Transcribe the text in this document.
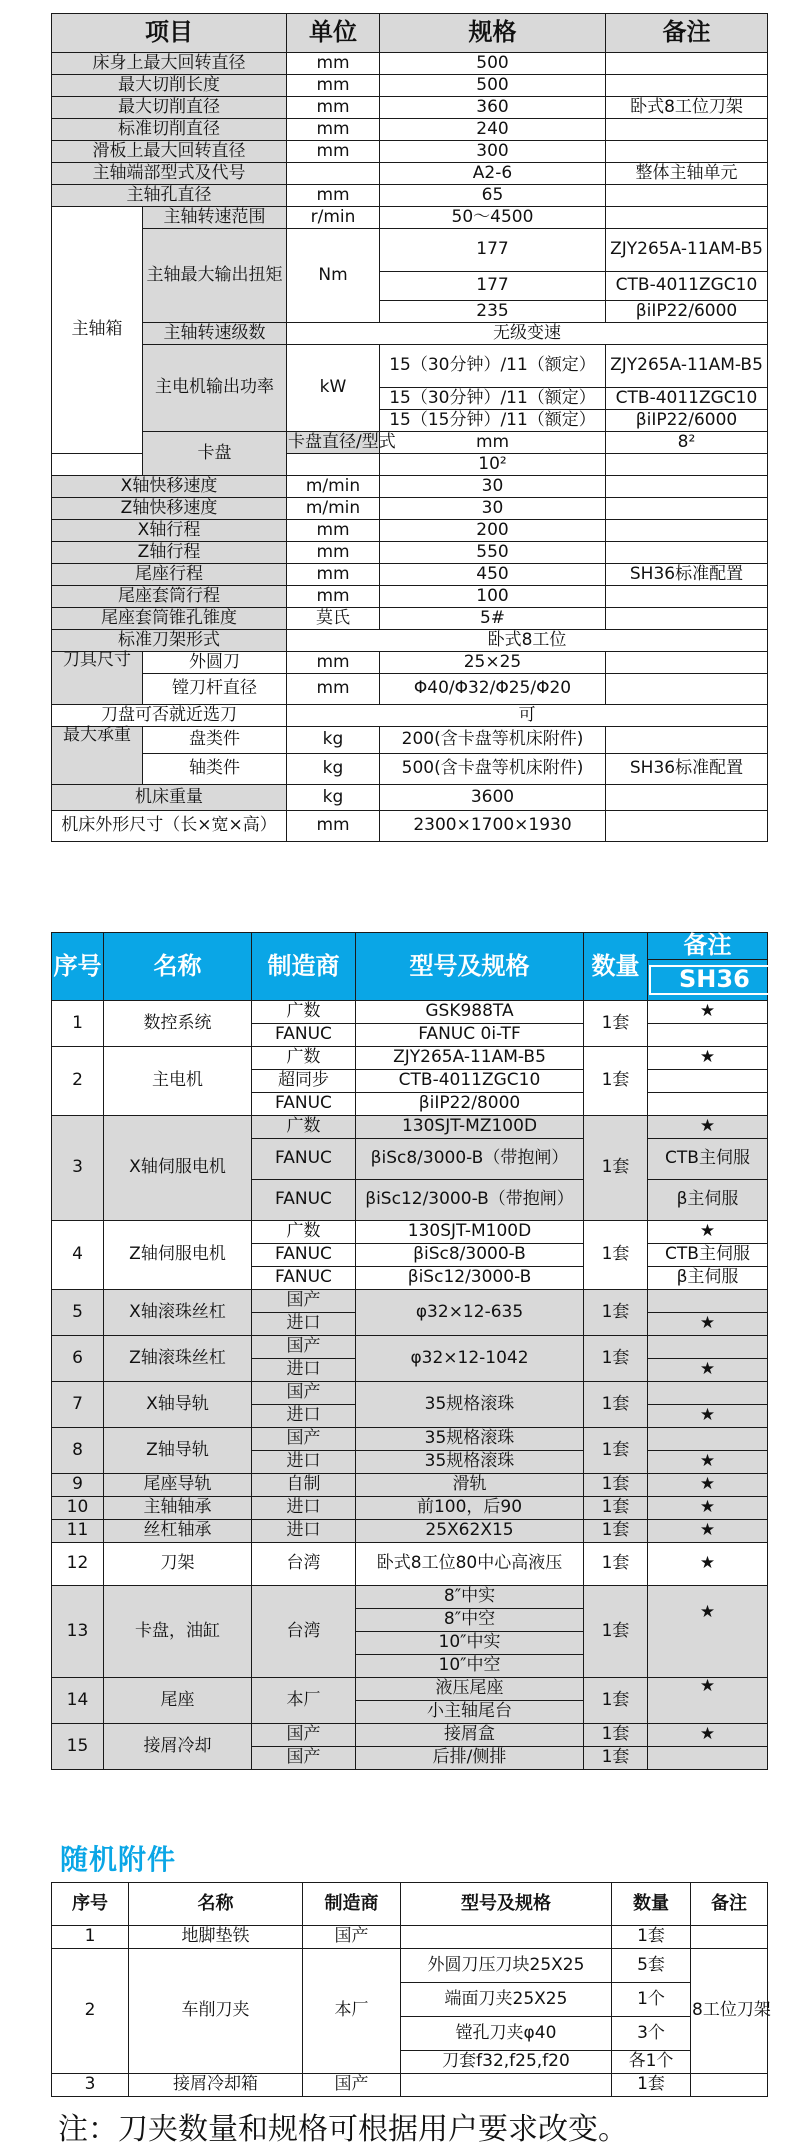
项目		单位	规格	备注	
床身上最大回转直径		mm	500		
最大切削长度		mm	500		
最大切削直径		mm	360	卧式8工位刀架	
标准切削直径		mm	240		
滑板上最大回转直径		mm	300		
主轴端部型式及代号			A2-6	整体主轴单元	
主轴孔直径		mm	65		
主轴箱	主轴转速范围	r/min	50～4500		
	主轴最大输出扭矩	Nm	177	ZJY265A-11AM-B5	
			177	CTB-4011ZGC10	
			235	βiIP22/6000	
	主轴转速级数	无级变速			
	主电机输出功率	kW	15（30分钟）/11（额定）	ZJY265A-11AM-B5	
			15（30分钟）/11（额定）	CTB-4011ZGC10	
			15（15分钟）/11（额定）	βiIP22/6000	
	卡盘	卡盘直径/型式	mm	8²	
			10²		
X轴快移速度		m/min	30		
Z轴快移速度		m/min	30		
X轴行程		mm	200		
Z轴行程		mm	550		
尾座行程		mm	450	SH36标准配置	
尾座套筒行程		mm	100		
尾座套筒锥孔锥度		莫氏	5#		
标准刀架形式		卧式8工位			
刀具尺寸	外圆刀	mm	25×25		
	镗刀杆直径	mm	Φ40/Φ32/Φ25/Φ20		
刀盘可否就近选刀		可			
最大承重	盘类件	kg	200(含卡盘等机床附件)		
	轴类件	kg	500(含卡盘等机床附件)	SH36标准配置	
机床重量		kg	3600		
机床外形尺寸（长×宽×高）		mm	2300×1700×1930		
序号	名称	制造商	型号及规格	数量	备注
					SH36
1	数控系统	广数	GSK988TA	1套	★
		FANUC	FANUC 0i-TF		
2	主电机	广数	ZJY265A-11AM-B5	1套	★
		超同步	CTB-4011ZGC10		
		FANUC	βiIP22/8000		
3	X轴伺服电机	广数	130SJT-MZ100D	1套	★
		FANUC	βiSc8/3000-B（带抱闸）		CTB主伺服
		FANUC	βiSc12/3000-B（带抱闸）		β主伺服
4	Z轴伺服电机	广数	130SJT-M100D	1套	★
		FANUC	βiSc8/3000-B		CTB主伺服
		FANUC	βiSc12/3000-B		β主伺服
5	X轴滚珠丝杠	国产	φ32×12-635	1套	
		进口			★
6	Z轴滚珠丝杠	国产	φ32×12-1042	1套	
		进口			★
7	X轴导轨	国产	35规格滚珠	1套	
		进口			★
8	Z轴导轨	国产	35规格滚珠	1套	
		进口	35规格滚珠		★
9	尾座导轨	自制	滑轨	1套	★
10	主轴轴承	进口	前100，后90	1套	★
11	丝杠轴承	进口	25X62X15	1套	★
12	刀架	台湾	卧式8工位80中心高液压	1套	★
13	卡盘，油缸	台湾	8″中实	1套	★
			8″中空		
			10″中实		
			10″中空		
14	尾座	本厂	液压尾座	1套	★
			小主轴尾台		
15	接屑冷却	国产	接屑盒	1套	★
		国产	后排/侧排	1套	
随机附件
序号	名称	制造商	型号及规格	数量	备注
1	地脚垫铁	国产		1套	
2	车削刀夹	本厂	外圆刀压刀块25X25	5套	8工位刀架
			端面刀夹25X25	1个	
			镗孔刀夹φ40	3个	
			刀套f32,f25,f20	各1个	
3	接屑冷却箱	国产		1套	
注：刀夹数量和规格可根据用户要求改变。
